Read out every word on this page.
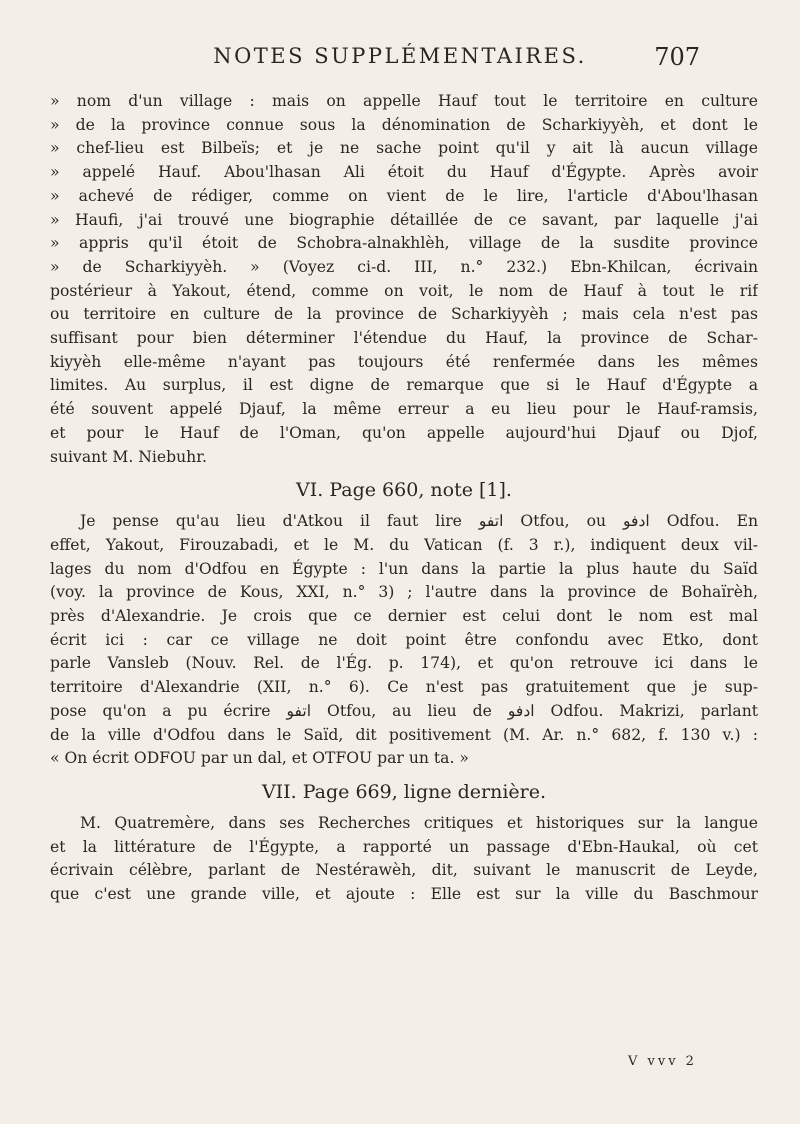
NOTES SUPPLÉMENTAIRES.	707
» nom d'un village : mais on appelle Hauf tout le territoire en culture
» de la province connue sous la dénomination de Scharkiyyèh, et dont le
» chef-lieu est Bilbeïs; et je ne sache point qu'il y ait là aucun village
» appelé Hauf. Abou'lhasan Ali étoit du Hauf d'Égypte. Après avoir
» achevé de rédiger, comme on vient de le lire, l'article d'Abou'lhasan
» Haufi, j'ai trouvé une biographie détaillée de ce savant, par laquelle j'ai
» appris qu'il étoit de Schobra-alnakhlèh, village de la susdite province
» de Scharkiyyèh. » (Voyez ci-d. III, n.° 232.) Ebn-Khilcan, écrivain
postérieur à Yakout, étend, comme on voit, le nom de Hauf à tout le rif
ou territoire en culture de la province de Scharkiyyèh ; mais cela n'est pas
suffisant pour bien déterminer l'étendue du Hauf, la province de Schar-
kiyyèh elle-même n'ayant pas toujours été renfermée dans les mêmes
limites. Au surplus, il est digne de remarque que si le Hauf d'Égypte a
été souvent appelé Djauf, la même erreur a eu lieu pour le Hauf-ramsis,
et pour le Hauf de l'Oman, qu'on appelle aujourd'hui Djauf ou Djof,
suivant M. Niebuhr.
VI. Page 660, note [1].
Je pense qu'au lieu d'Atkou il faut lire اتفو Otfou, ou ادفو Odfou. En
effet, Yakout, Firouzabadi, et le M. du Vatican (f. 3 r.), indiquent deux vil-
lages du nom d'Odfou en Égypte : l'un dans la partie la plus haute du Saïd
(voy. la province de Kous, XXI, n.° 3) ; l'autre dans la province de Bohaïrèh,
près d'Alexandrie. Je crois que ce dernier est celui dont le nom est mal
écrit ici : car ce village ne doit point être confondu avec Etko, dont
parle Vansleb (Nouv. Rel. de l'Ég. p. 174), et qu'on retrouve ici dans le
territoire d'Alexandrie (XII, n.° 6). Ce n'est pas gratuitement que je sup-
pose qu'on a pu écrire اتفو Otfou, au lieu de ادفو Odfou. Makrizi, parlant
de la ville d'Odfou dans le Saïd, dit positivement (M. Ar. n.° 682, f. 130 v.) :
« On écrit ODFOU par un dal, et OTFOU par un ta. »
VII. Page 669, ligne dernière.
M. Quatremère, dans ses Recherches critiques et historiques sur la langue
et la littérature de l'Égypte, a rapporté un passage d'Ebn-Haukal, où cet
écrivain célèbre, parlant de Nestérawèh, dit, suivant le manuscrit de Leyde,
que c'est une grande ville, et ajoute : Elle est sur la ville du Baschmour
V vvv 2
